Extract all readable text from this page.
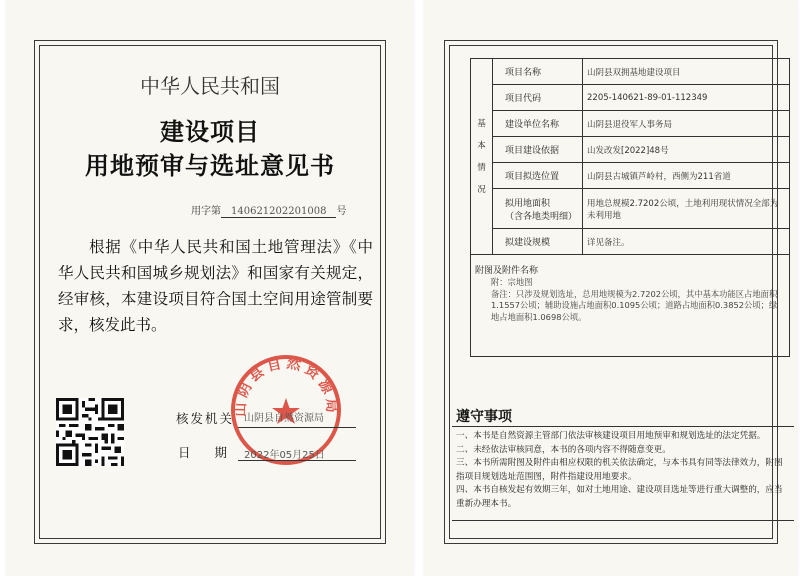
中华人民共和国
建设项目
用地预审与选址意见书
用字第 140621202201008 号
根据《中华人民共和国土地管理法》《中华人民共和国城乡规划法》和国家有关规定，经审核，本建设项目符合国土空间用途管制要求，核发此书。
山阴县自然资源局
核发机关 山阴县自然资源局
日期
2022年05月25日
基
本
情
况	项目名称	山阴县双拥基地建设项目
	项目代码	2205-140621-89-01-112349
	建设单位名称	山阴县退役军人事务局
	项目建设依据	山发改发[2022]48号
	项目拟选位置	山阴县古城镇芦岭村，西侧为211省道

	拟用地面积
（含各地类明细）	用地总规模2.7202公顷，土地利用现状情况全部为未利用地
	拟建设规模	详见备注。

附图及附件名称
附：宗地图
备注：只涉及规划选址，总用地规模为2.7202公顷，其中基本功能区占地面积1.1557公顷；辅助设施占地面积0.1095公顷；道路占地面积0.3852公顷；绿地占地面积1.0698公顷。		
遵守事项
一、本书是自然资源主管部门依法审核建设项目用地预审和规划选址的法定凭据。
二、未经依法审核同意，本书的各项内容不得随意变更。
三、本书所需附图及附件由相应权限的机关依法确定，与本书具有同等法律效力，附图指项目规划选址范围图，附件指建设用地要求。
四、本书自核发起有效期三年，如对土地用途、建设项目选址等进行重大调整的，应当重新办理本书。
